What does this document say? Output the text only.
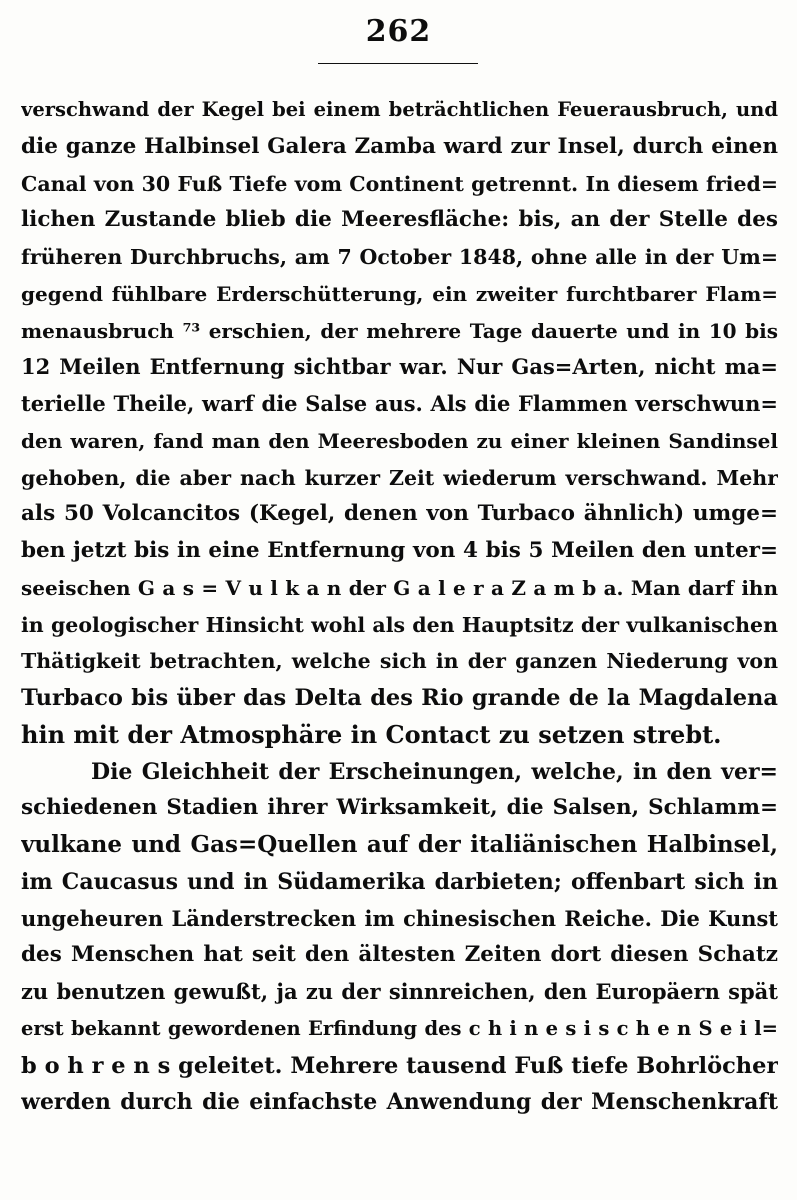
262
verschwand der Kegel bei einem beträchtlichen Feuerausbruch, und
die ganze Halbinsel Galera Zamba ward zur Insel, durch einen
Canal von 30 Fuß Tiefe vom Continent getrennt. In diesem fried=
lichen Zustande blieb die Meeresfläche: bis, an der Stelle des
früheren Durchbruchs, am 7 October 1848, ohne alle in der Um=
gegend fühlbare Erderschütterung, ein zweiter furchtbarer Flam=
menausbruch ⁷³ erschien, der mehrere Tage dauerte und in 10 bis
12 Meilen Entfernung sichtbar war. Nur Gas=Arten, nicht ma=
terielle Theile, warf die Salse aus. Als die Flammen verschwun=
den waren, fand man den Meeresboden zu einer kleinen Sandinsel
gehoben, die aber nach kurzer Zeit wiederum verschwand. Mehr
als 50 Volcancitos (Kegel, denen von Turbaco ähnlich) umge=
ben jetzt bis in eine Entfernung von 4 bis 5 Meilen den unter=
seeischen G a s = V u l k a n der G a l e r a Z a m b a. Man darf ihn
in geologischer Hinsicht wohl als den Hauptsitz der vulkanischen
Thätigkeit betrachten, welche sich in der ganzen Niederung von
Turbaco bis über das Delta des Rio grande de la Magdalena
hin mit der Atmosphäre in Contact zu setzen strebt.
Die Gleichheit der Erscheinungen, welche, in den ver=
schiedenen Stadien ihrer Wirksamkeit, die Salsen, Schlamm=
vulkane und Gas=Quellen auf der italiänischen Halbinsel,
im Caucasus und in Südamerika darbieten; offenbart sich in
ungeheuren Länderstrecken im chinesischen Reiche. Die Kunst
des Menschen hat seit den ältesten Zeiten dort diesen Schatz
zu benutzen gewußt, ja zu der sinnreichen, den Europäern spät
erst bekannt gewordenen Erfindung des c h i n e s i s c h e n S e i l=
b o h r e n s geleitet. Mehrere tausend Fuß tiefe Bohrlöcher
werden durch die einfachste Anwendung der Menschenkraft
